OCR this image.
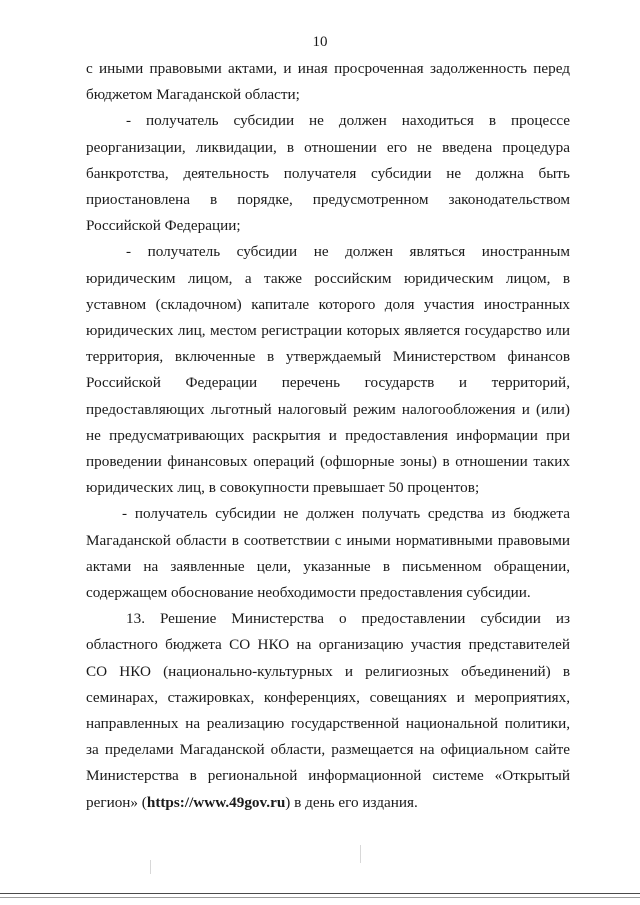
10

с иными правовыми актами, и иная просроченная задолженность перед бюджетом Магаданской области;

- получатель субсидии не должен находиться в процессе реорганизации, ликвидации, в отношении его не введена процедура банкротства, деятельность получателя субсидии не должна быть приостановлена в порядке, предусмотренном законодательством Российской Федерации;

- получатель субсидии не должен являться иностранным юридическим лицом, а также российским юридическим лицом, в уставном (складочном) капитале которого доля участия иностранных юридических лиц, местом регистрации которых является государство или территория, включенные в утверждаемый Министерством финансов Российской Федерации перечень государств и территорий, предоставляющих льготный налоговый режим налогообложения и (или) не предусматривающих раскрытия и предоставления информации при проведении финансовых операций (офшорные зоны) в отношении таких юридических лиц, в совокупности превышает 50 процентов;

- получатель субсидии не должен получать средства из бюджета Магаданской области в соответствии с иными нормативными правовыми актами на заявленные цели, указанные в письменном обращении, содержащем обоснование необходимости предоставления субсидии.

13. Решение Министерства о предоставлении субсидии из областного бюджета СО НКО на организацию участия представителей СО НКО (национально-культурных и религиозных объединений) в семинарах, стажировках, конференциях, совещаниях и мероприятиях, направленных на реализацию государственной национальной политики, за пределами Магаданской области, размещается на официальном сайте Министерства в региональной информационной системе «Открытый регион» (https://www.49gov.ru) в день его издания.
